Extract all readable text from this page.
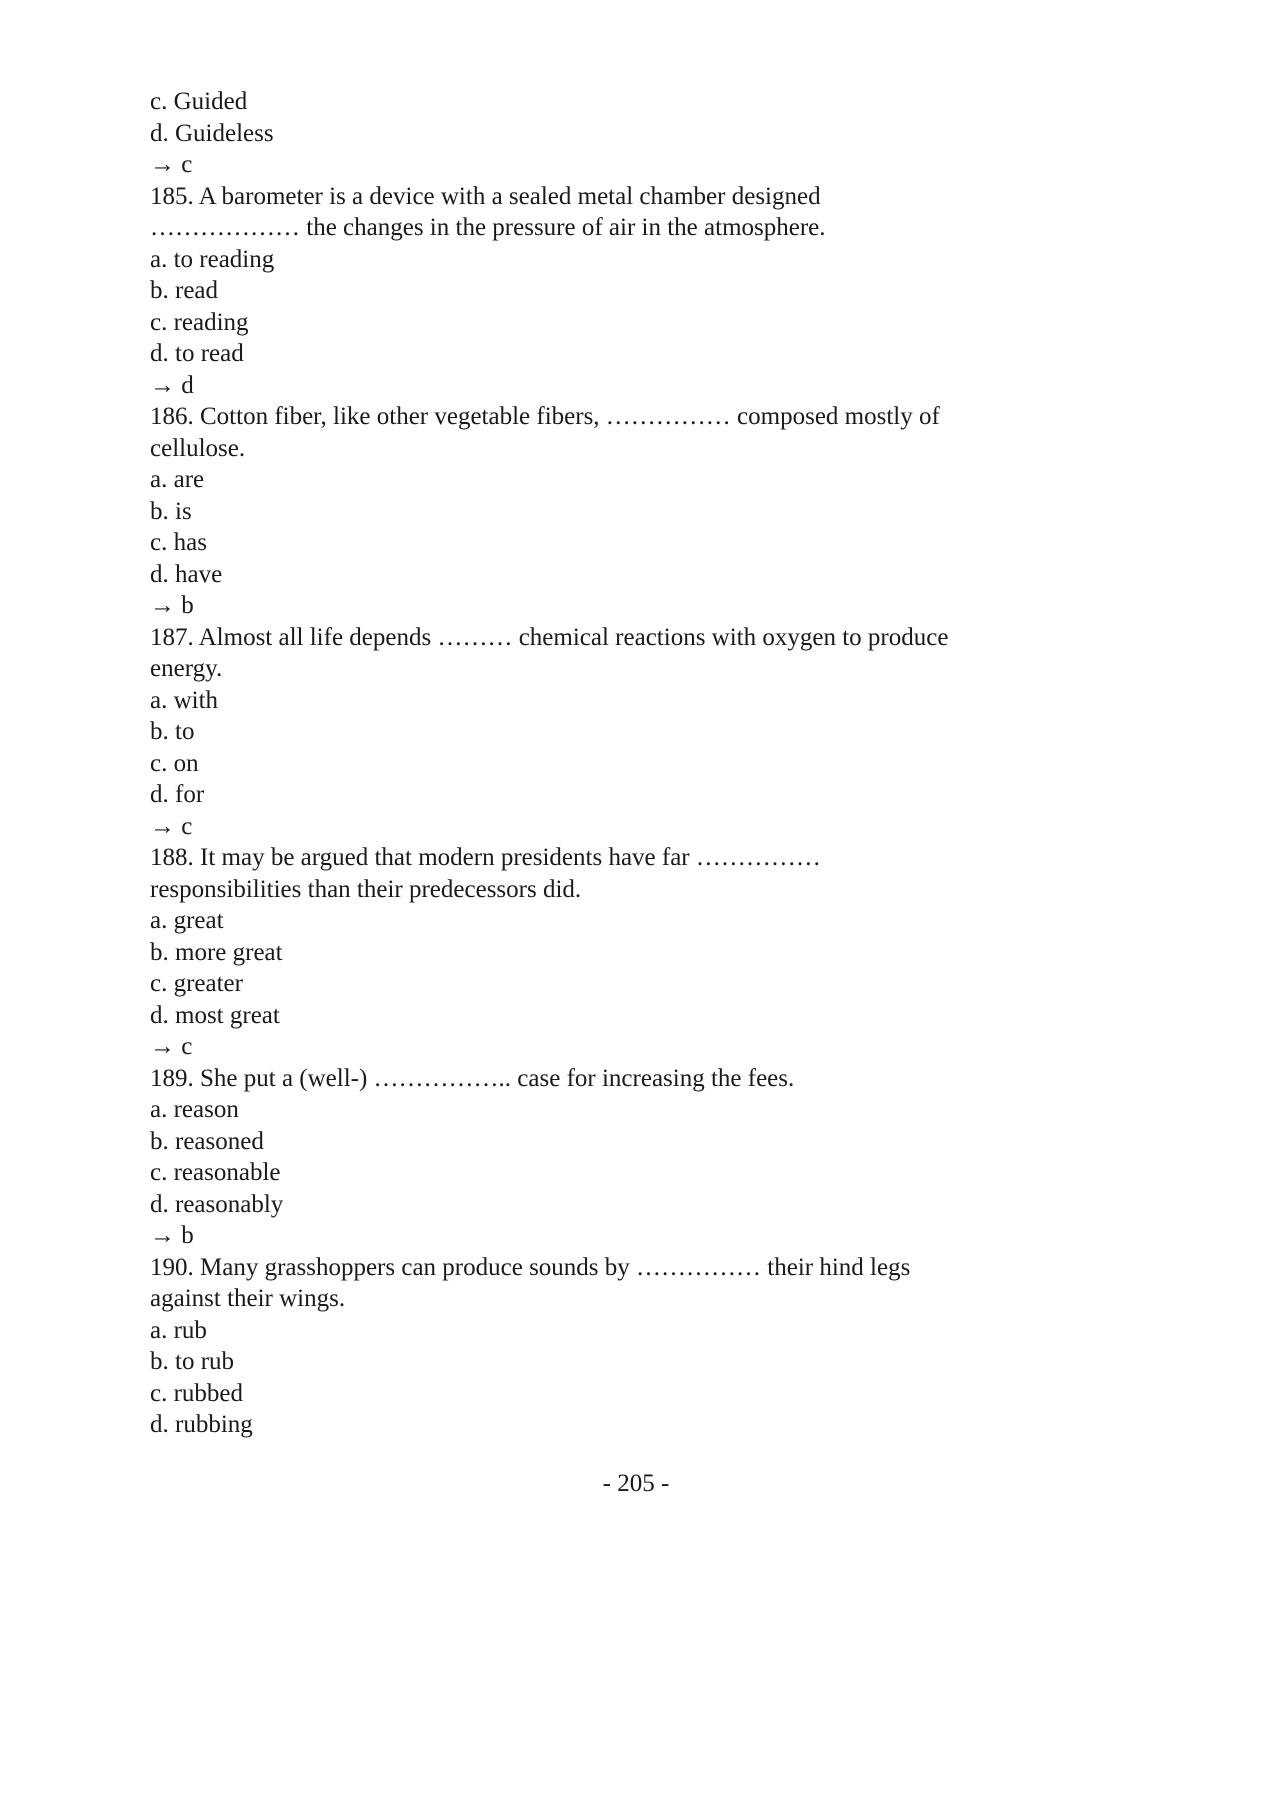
c. Guided

d. Guideless

→ c

185. A barometer is a device with a sealed metal chamber designed

……………… the changes in the pressure of air in the atmosphere.

a. to reading

b. read

c. reading

d. to read

→ d

186. Cotton fiber, like other vegetable fibers, …………… composed mostly of

cellulose.

a. are

b. is

c. has

d. have

→ b

187. Almost all life depends ……… chemical reactions with oxygen to produce

energy.

a. with

b. to

c. on

d. for

→ c

188. It may be argued that modern presidents have far ……………

responsibilities than their predecessors did.

a. great

b. more great

c. greater

d. most great

→ c

189. She put a (well-) …………….. case for increasing the fees.

a. reason

b. reasoned

c. reasonable

d. reasonably

→ b

190. Many grasshoppers can produce sounds by …………… their hind legs

against their wings.

a. rub

b. to rub

c. rubbed

d. rubbing

- 205 -
